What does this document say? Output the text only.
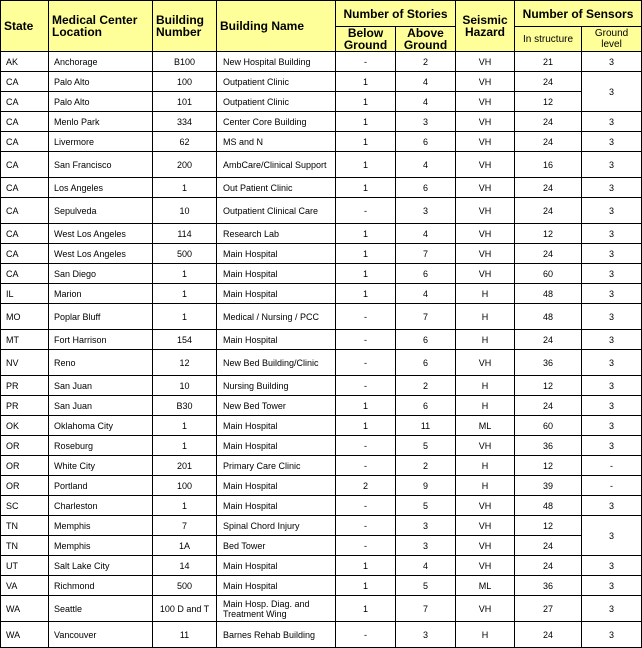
State	Medical Center Location	Building Number	Building Name	Number of Stories		Seismic Hazard	Number of Sensors	
				Below Ground	Above Ground		In structure	Ground level
AK	Anchorage	B100	New Hospital Building	-	2	VH	21	3
CA	Palo Alto	100	Outpatient Clinic	1	4	VH	24	3
CA	Palo Alto	101	Outpatient Clinic	1	4	VH	12	
CA	Menlo Park	334	Center Core Building	1	3	VH	24	3
CA	Livermore	62	MS and N	1	6	VH	24	3
CA	San Francisco	200	AmbCare/Clinical Support	1	4	VH	16	3
CA	Los Angeles	1	Out Patient Clinic	1	6	VH	24	3
CA	Sepulveda	10	Outpatient Clinical Care	-	3	VH	24	3
CA	West Los Angeles	114	Research Lab	1	4	VH	12	3
CA	West Los Angeles	500	Main Hospital	1	7	VH	24	3
CA	San Diego	1	Main Hospital	1	6	VH	60	3
IL	Marion	1	Main Hospital	1	4	H	48	3
MO	Poplar Bluff	1	Medical / Nursing / PCC	-	7	H	48	3
MT	Fort Harrison	154	Main Hospital	-	6	H	24	3
NV	Reno	12	New Bed Building/Clinic	-	6	VH	36	3
PR	San Juan	10	Nursing Building	-	2	H	12	3
PR	San Juan	B30	New Bed Tower	1	6	H	24	3
OK	Oklahoma City	1	Main Hospital	1	11	ML	60	3
OR	Roseburg	1	Main Hospital	-	5	VH	36	3
OR	White City	201	Primary Care Clinic	-	2	H	12	-
OR	Portland	100	Main Hospital	2	9	H	39	-
SC	Charleston	1	Main Hospital	-	5	VH	48	3
TN	Memphis	7	Spinal Chord Injury	-	3	VH	12	3
TN	Memphis	1A	Bed Tower	-	3	VH	24	
UT	Salt Lake City	14	Main Hospital	1	4	VH	24	3
VA	Richmond	500	Main Hospital	1	5	ML	36	3
WA	Seattle	100 D and T	Main Hosp. Diag. and Treatment Wing	1	7	VH	27	3
WA	Vancouver	11	Barnes Rehab Building	-	3	H	24	3
